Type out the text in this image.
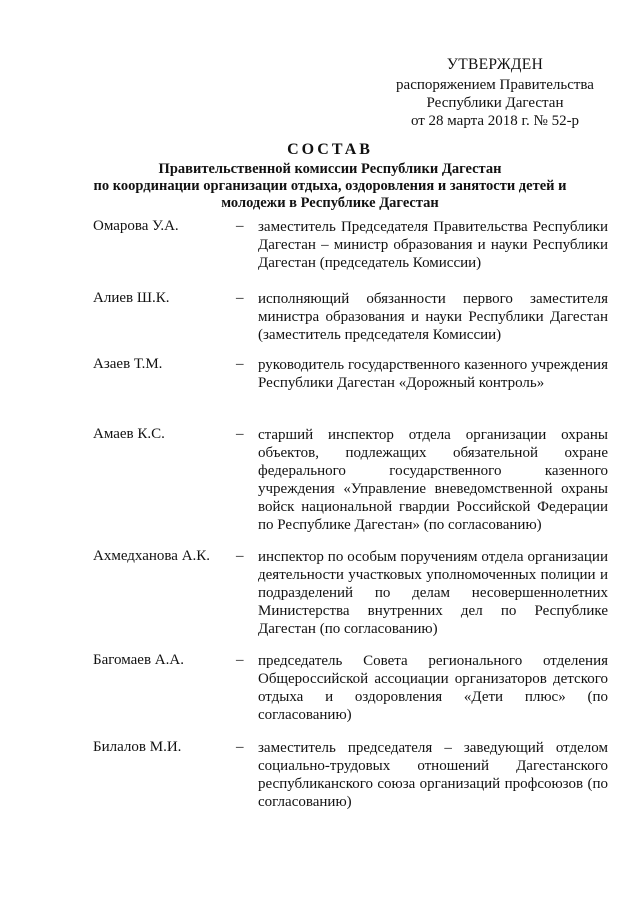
УТВЕРЖДЕН
распоряжением Правительства
Республики Дагестан
от 28 марта 2018 г. № 52-р
СОСТАВ
Правительственной комиссии Республики Дагестан
по координации организации отдыха, оздоровления и занятости детей и
молодежи в Республике Дагестан
Омарова У.А.	– заместитель Председателя Правительства Республики Дагестан – министр образования и науки Республики Дагестан (председатель Комиссии)
Алиев Ш.К.	– исполняющий обязанности первого заместителя министра образования и науки Республики Дагестан (заместитель председателя Комиссии)
Азаев Т.М.	– руководитель государственного казенного учреждения Республики Дагестан «Дорожный контроль»
Амаев К.С.	– старший инспектор отдела организации охраны объектов, подлежащих обязательной охране федерального государственного казенного учреждения «Управление вневедомственной охраны войск национальной гвардии Российской Федерации по Республике Дагестан» (по согласованию)
Ахмедханова А.К. – инспектор по особым поручениям отдела организации деятельности участковых уполномоченных полиции и подразделений по делам несовершеннолетних Министерства внутренних дел по Республике Дагестан (по согласованию)
Багомаев А.А.	– председатель Совета регионального отделения Общероссийской ассоциации организаторов детского отдыха и оздоровления «Дети плюс» (по согласованию)
Билалов М.И.	– заместитель председателя – заведующий отделом социально-трудовых отношений Дагестанского республиканского союза организаций профсоюзов (по согласованию)
